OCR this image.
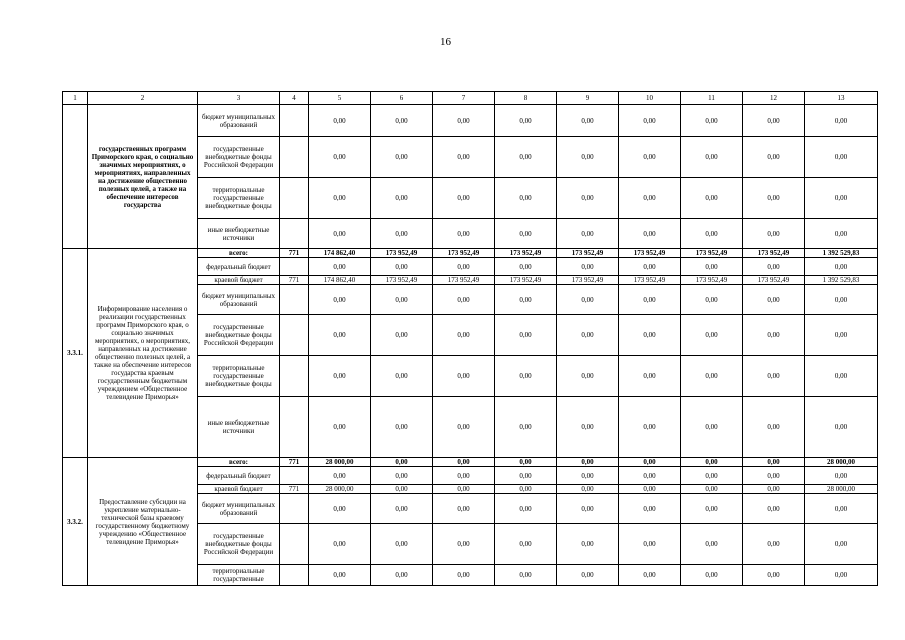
16
1	2	3	4	5	6	7	8	9	10	11	12	13
	государственных программ Приморского края, о социально значимых мероприятиях, о мероприятиях, направленных на достижение общественно полезных целей, а также на обеспечение интересов государства	бюджет муниципальных образований		0,00	0,00	0,00	0,00	0,00	0,00	0,00	0,00	0,00
		государственные внебюджетные фонды Российской Федерации		0,00	0,00	0,00	0,00	0,00	0,00	0,00	0,00	0,00
		территориальные государственные внебюджетные фонды		0,00	0,00	0,00	0,00	0,00	0,00	0,00	0,00	0,00
		иные внебюджетные источники		0,00	0,00	0,00	0,00	0,00	0,00	0,00	0,00	0,00
3.3.1.	Информирование населения о реализации государственных программ Приморского края, о социально значимых мероприятиях, о мероприятиях, направленных на достижение общественно полезных целей, а также на обеспечение интересов государства краевым государственным бюджетным учреждением «Общественное телевидение Приморья»	всего:	771	174 862,40	173 952,49	173 952,49	173 952,49	173 952,49	173 952,49	173 952,49	173 952,49	1 392 529,83
		федеральный бюджет		0,00	0,00	0,00	0,00	0,00	0,00	0,00	0,00	0,00
		краевой бюджет	771	174 862,40	173 952,49	173 952,49	173 952,49	173 952,49	173 952,49	173 952,49	173 952,49	1 392 529,83
		бюджет муниципальных образований		0,00	0,00	0,00	0,00	0,00	0,00	0,00	0,00	0,00
		государственные внебюджетные фонды Российской Федерации		0,00	0,00	0,00	0,00	0,00	0,00	0,00	0,00	0,00
		территориальные государственные внебюджетные фонды		0,00	0,00	0,00	0,00	0,00	0,00	0,00	0,00	0,00
		иные внебюджетные источники		0,00	0,00	0,00	0,00	0,00	0,00	0,00	0,00	0,00
3.3.2.	Предоставление субсидии на укрепление материально-технической базы краевому государственному бюджетному учреждению «Общественное телевидение Приморья»	всего:	771	28 000,00	0,00	0,00	0,00	0,00	0,00	0,00	0,00	28 000,00
		федеральный бюджет		0,00	0,00	0,00	0,00	0,00	0,00	0,00	0,00	0,00
		краевой бюджет	771	28 000,00	0,00	0,00	0,00	0,00	0,00	0,00	0,00	28 000,00
		бюджет муниципальных образований		0,00	0,00	0,00	0,00	0,00	0,00	0,00	0,00	0,00
		государственные внебюджетные фонды Российской Федерации		0,00	0,00	0,00	0,00	0,00	0,00	0,00	0,00	0,00
		территориальные государственные		0,00	0,00	0,00	0,00	0,00	0,00	0,00	0,00	0,00
